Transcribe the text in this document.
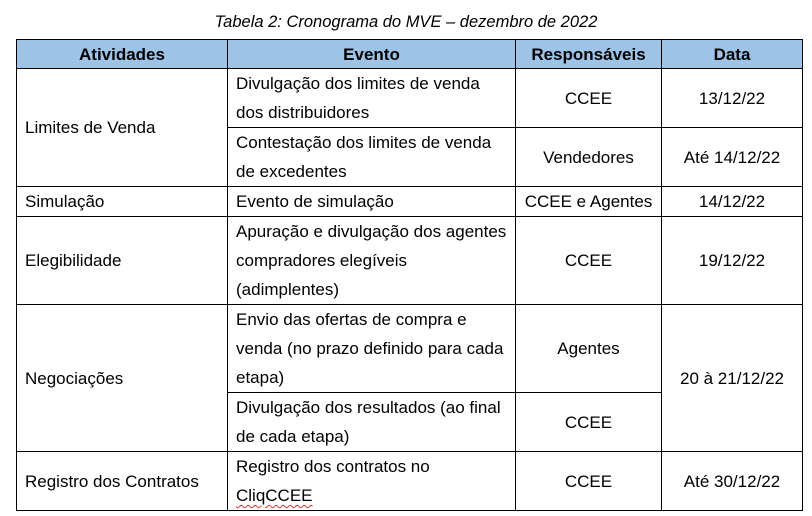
Tabela 2: Cronograma do MVE – dezembro de 2022
Atividades	Evento	Responsáveis	Data
Limites de Venda	Divulgação dos limites de venda dos distribuidores	CCEE	13/12/22
	Contestação dos limites de venda de excedentes	Vendedores	Até 14/12/22
Simulação	Evento de simulação	CCEE e Agentes	14/12/22
Elegibilidade	Apuração e divulgação dos agentes compradores elegíveis (adimplentes)	CCEE	19/12/22
Negociações	Envio das ofertas de compra e venda (no prazo definido para cada etapa)	Agentes	20 à 21/12/22
	Divulgação dos resultados (ao final de cada etapa)	CCEE	
Registro dos Contratos	Registro dos contratos no CliqCCEE	CCEE	Até 30/12/22
